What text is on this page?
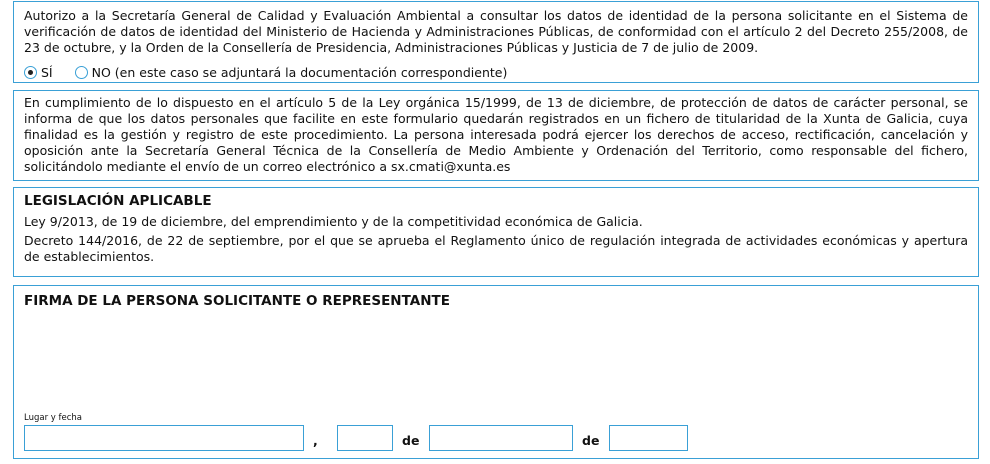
Autorizo a la Secretaría General de Calidad y Evaluación Ambiental a consultar los datos de identidad de la persona solicitante en el Sistema de verificación de datos de identidad del Ministerio de Hacienda y Administraciones Públicas, de conformidad con el artículo 2 del Decreto 255/2008, de 23 de octubre, y la Orden de la Consellería de Presidencia, Administraciones Públicas y Justicia de 7 de julio de 2009.
SÍ	NO (en este caso se adjuntará la documentación correspondiente)
En cumplimiento de lo dispuesto en el artículo 5 de la Ley orgánica 15/1999, de 13 de diciembre, de protección de datos de carácter personal, se informa de que los datos personales que facilite en este formulario quedarán registrados en un fichero de titularidad de la Xunta de Galicia, cuya finalidad es la gestión y registro de este procedimiento. La persona interesada podrá ejercer los derechos de acceso, rectificación, cancelación y oposición ante la Secretaría General Técnica de la Consellería de Medio Ambiente y Ordenación del Territorio, como responsable del fichero, solicitándolo mediante el envío de un correo electrónico a sx.cmati@xunta.es
LEGISLACIÓN APLICABLE
Ley 9/2013, de 19 de diciembre, del emprendimiento y de la competitividad económica de Galicia.
Decreto 144/2016, de 22 de septiembre, por el que se aprueba el Reglamento único de regulación integrada de actividades económicas y apertura de establecimientos.
FIRMA DE LA PERSONA SOLICITANTE O REPRESENTANTE
Lugar y fecha
,	de	de
